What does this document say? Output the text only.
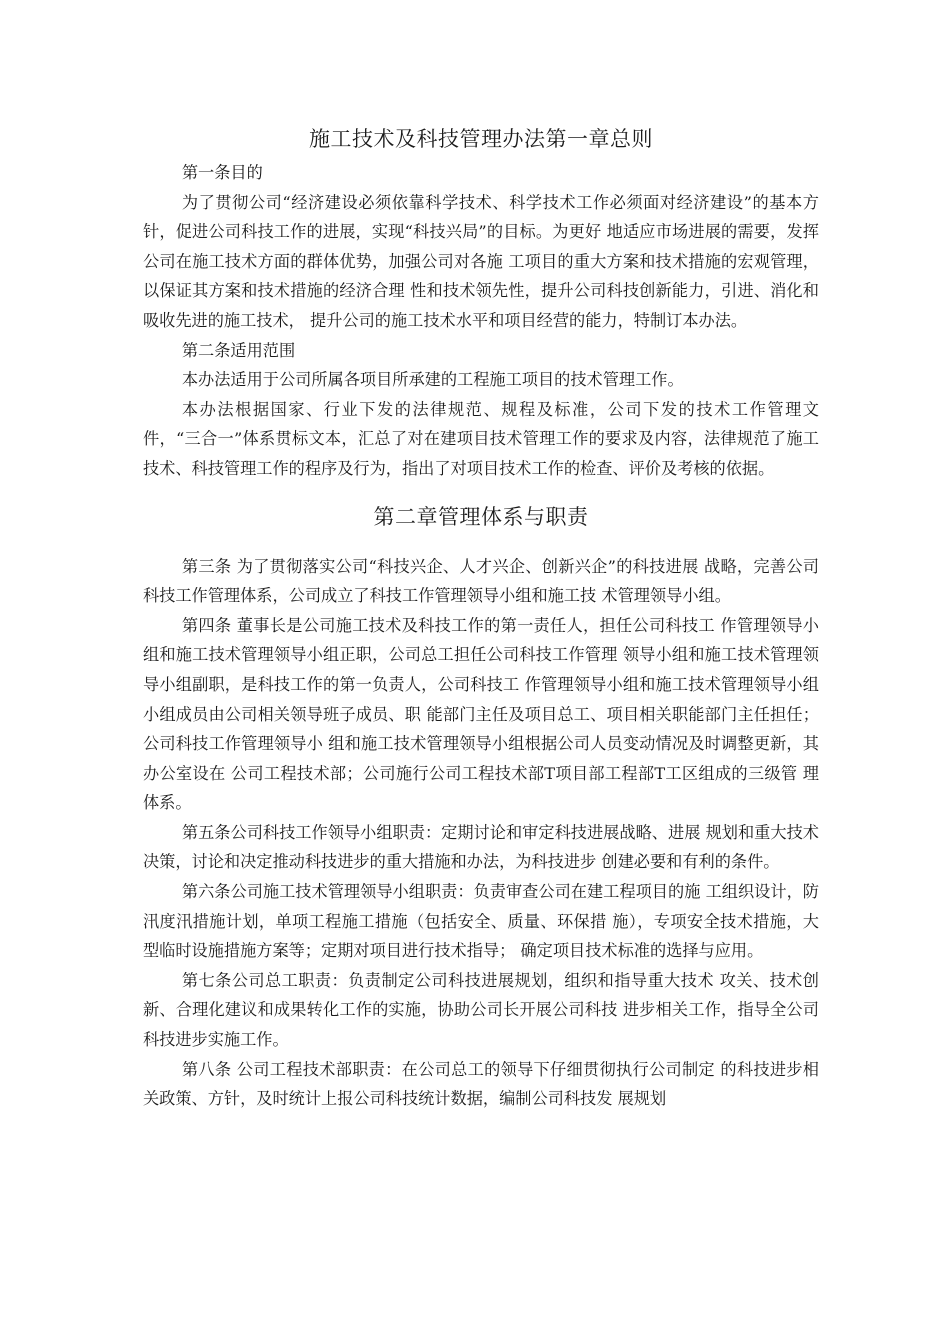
施工技术及科技管理办法第一章总则

第一条目的

为了贯彻公司“经济建设必须依靠科学技术、科学技术工作必须面对经济建设”的基本方针，促进公司科技工作的进展，实现“科技兴局”的目标。为更好 地适应市场进展的需要，发挥公司在施工技术方面的群体优势，加强公司对各施 工项目的重大方案和技术措施的宏观管理，以保证其方案和技术措施的经济合理 性和技术领先性，提升公司科技创新能力，引进、消化和吸收先进的施工技术， 提升公司的施工技术水平和项目经营的能力，特制订本办法。

第二条适用范围

本办法适用于公司所属各项目所承建的工程施工项目的技术管理工作。

本办法根据国家、行业下发的法律规范、规程及标准，公司下发的技术工作管理文件，“三合一”体系贯标文本，汇总了对在建项目技术管理工作的要求及内容，法律规范了施工技术、科技管理工作的程序及行为，指出了对项目技术工作的检查、评价及考核的依据。

第二章管理体系与职责

第三条 为了贯彻落实公司“科技兴企、人才兴企、创新兴企”的科技进展 战略，完善公司科技工作管理体系，公司成立了科技工作管理领导小组和施工技 术管理领导小组。

第四条 董事长是公司施工技术及科技工作的第一责任人，担任公司科技工 作管理领导小组和施工技术管理领导小组正职，公司总工担任公司科技工作管理 领导小组和施工技术管理领导小组副职，是科技工作的第一负责人，公司科技工 作管理领导小组和施工技术管理领导小组小组成员由公司相关领导班子成员、职 能部门主任及项目总工、项目相关职能部门主任担任；公司科技工作管理领导小 组和施工技术管理领导小组根据公司人员变动情况及时调整更新，其办公室设在 公司工程技术部；公司施行公司工程技术部T项目部工程部T工区组成的三级管 理体系。

第五条公司科技工作领导小组职责：定期讨论和审定科技进展战略、进展 规划和重大技术决策，讨论和决定推动科技进步的重大措施和办法，为科技进步 创建必要和有利的条件。

第六条公司施工技术管理领导小组职责：负责审查公司在建工程项目的施 工组织设计，防汛度汛措施计划，单项工程施工措施（包括安全、质量、环保措 施），专项安全技术措施，大型临时设施措施方案等；定期对项目进行技术指导； 确定项目技术标准的选择与应用。

第七条公司总工职责：负责制定公司科技进展规划，组织和指导重大技术 攻关、技术创新、合理化建议和成果转化工作的实施，协助公司长开展公司科技 进步相关工作，指导全公司科技进步实施工作。

第八条 公司工程技术部职责：在公司总工的领导下仔细贯彻执行公司制定 的科技进步相关政策、方针，及时统计上报公司科技统计数据，编制公司科技发 展规划
